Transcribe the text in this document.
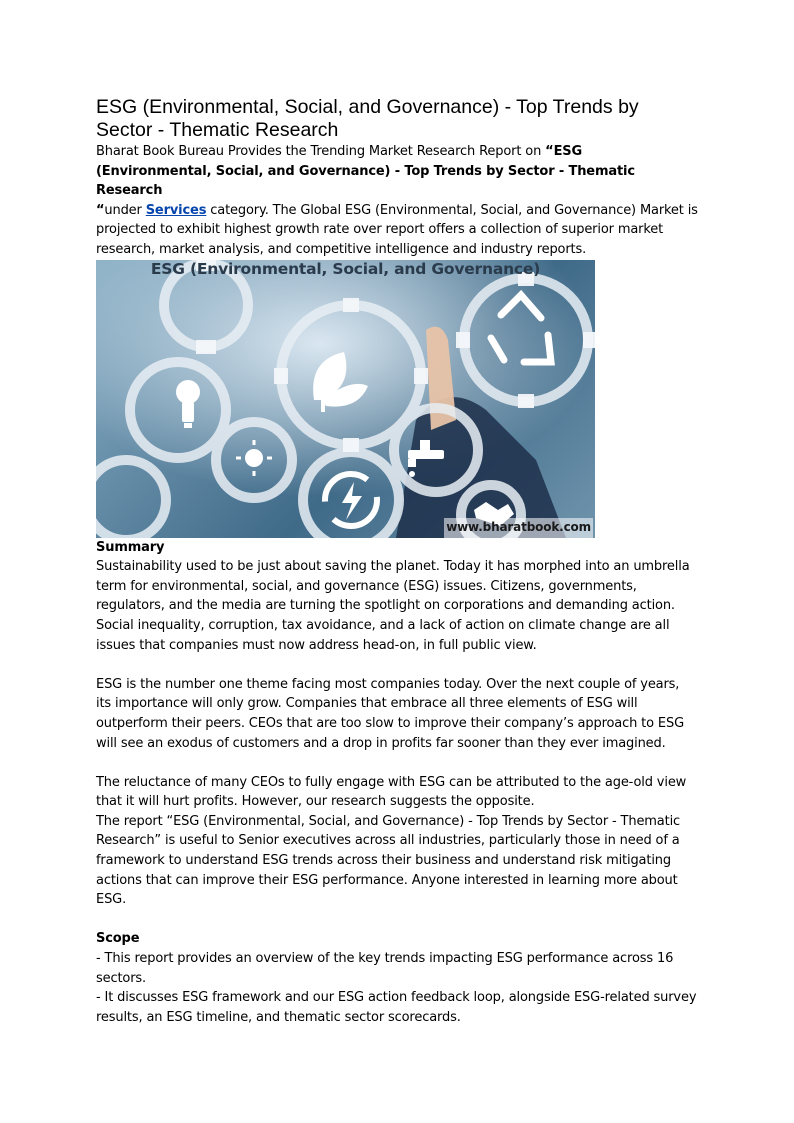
ESG (Environmental, Social, and Governance) - Top Trends by Sector - Thematic Research

Bharat Book Bureau Provides the Trending Market Research Report on “ESG (Environmental, Social, and Governance) - Top Trends by Sector - Thematic Research
“under Services category. The Global ESG (Environmental, Social, and Governance) Market is projected to exhibit highest growth rate over report offers a collection of superior market research, market analysis, and competitive intelligence and industry reports.

ESG (Environmental, Social, and Governance)
www.bharatbook.com

Summary

Sustainability used to be just about saving the planet. Today it has morphed into an umbrella term for environmental, social, and governance (ESG) issues. Citizens, governments, regulators, and the media are turning the spotlight on corporations and demanding action. Social inequality, corruption, tax avoidance, and a lack of action on climate change are all issues that companies must now address head-on, in full public view.

ESG is the number one theme facing most companies today. Over the next couple of years, its importance will only grow. Companies that embrace all three elements of ESG will outperform their peers. CEOs that are too slow to improve their company’s approach to ESG will see an exodus of customers and a drop in profits far sooner than they ever imagined.

The reluctance of many CEOs to fully engage with ESG can be attributed to the age-old view that it will hurt profits. However, our research suggests the opposite.

The report “ESG (Environmental, Social, and Governance) - Top Trends by Sector - Thematic Research” is useful to Senior executives across all industries, particularly those in need of a framework to understand ESG trends across their business and understand risk mitigating actions that can improve their ESG performance. Anyone interested in learning more about ESG.

Scope

- This report provides an overview of the key trends impacting ESG performance across 16 sectors.

- It discusses ESG framework and our ESG action feedback loop, alongside ESG-related survey results, an ESG timeline, and thematic sector scorecards.
